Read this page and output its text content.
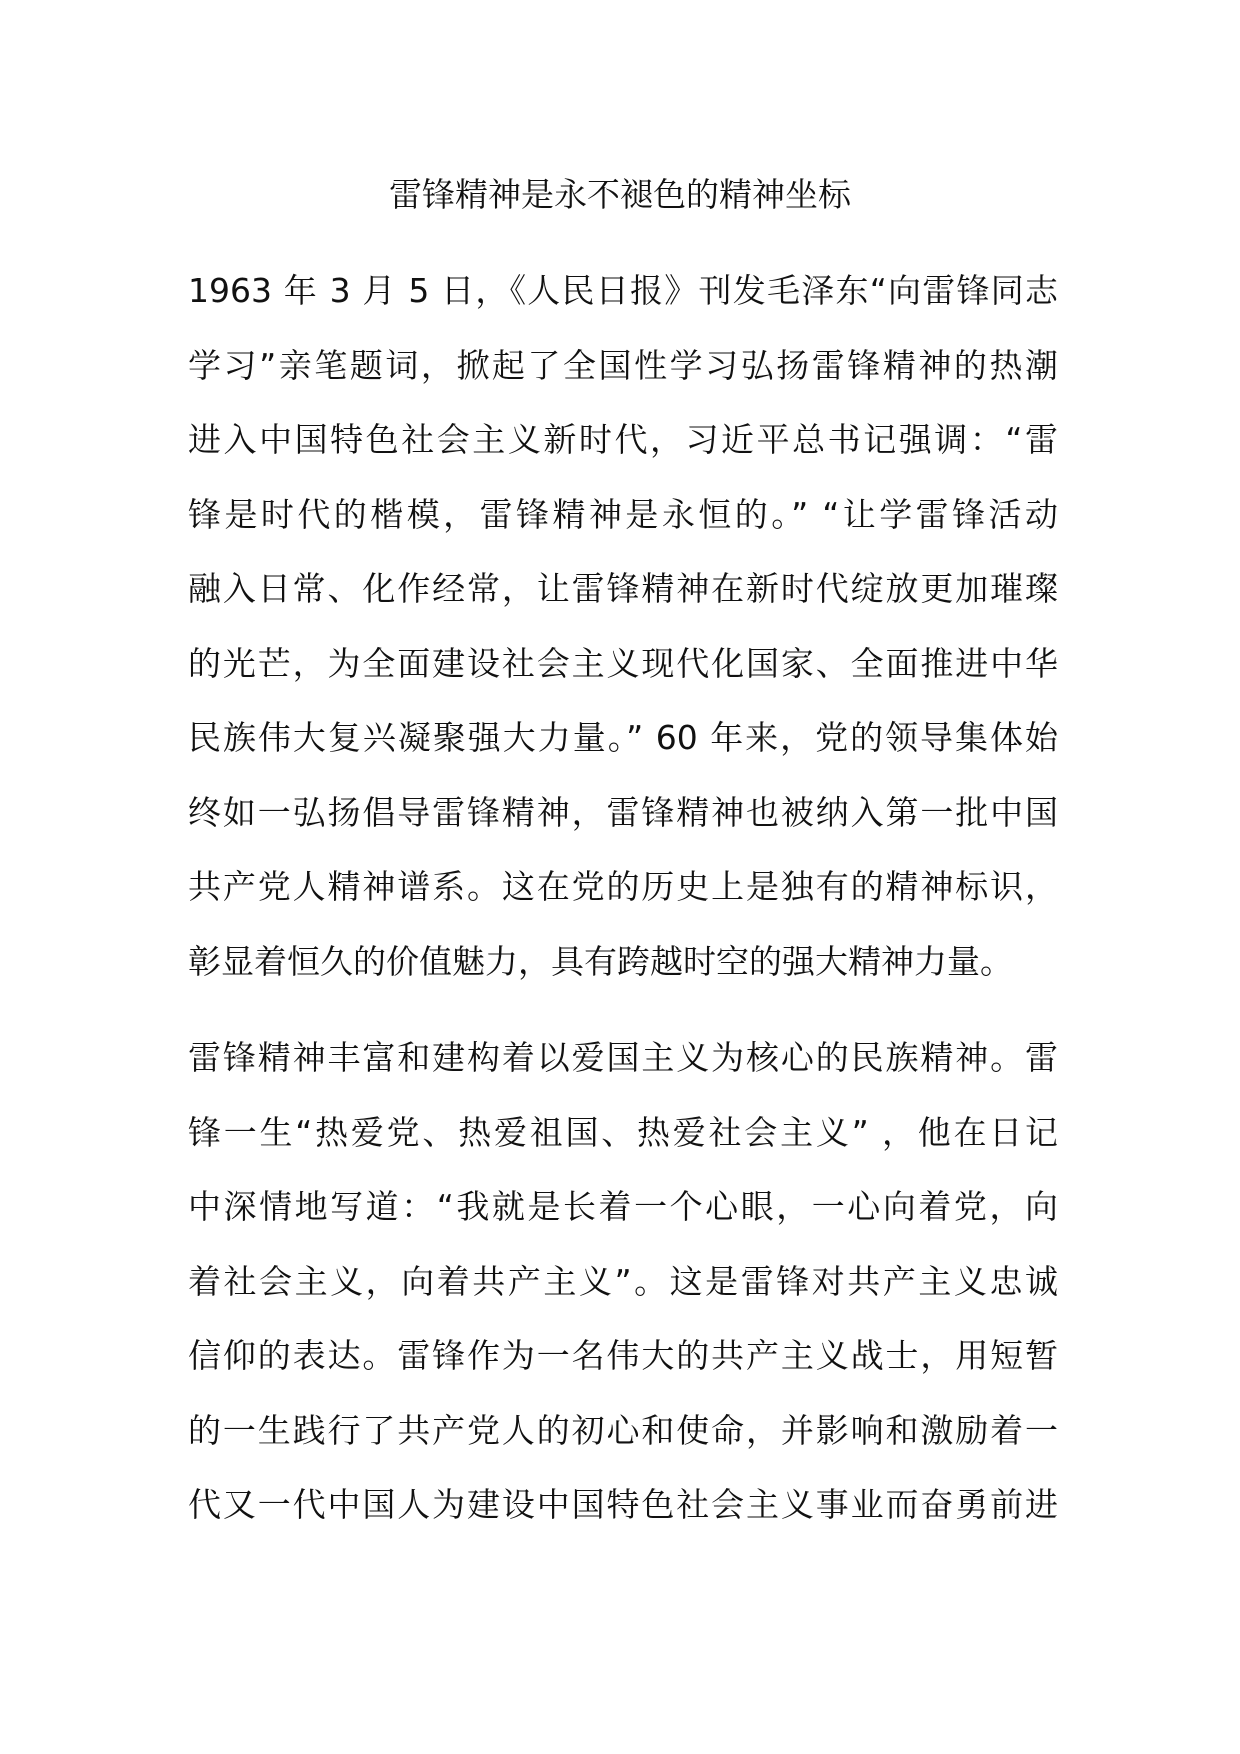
雷锋精神是永不褪色的精神坐标
1963 年 3 月 5 日，《人民日报》刊发毛泽东“向雷锋同志
学习”亲笔题词，掀起了全国性学习弘扬雷锋精神的热潮
进入中国特色社会主义新时代，习近平总书记强调：“雷
锋是时代的楷模，雷锋精神是永恒的。” “让学雷锋活动
融入日常、化作经常，让雷锋精神在新时代绽放更加璀璨
的光芒，为全面建设社会主义现代化国家、全面推进中华
民族伟大复兴凝聚强大力量。” 60 年来，党的领导集体始
终如一弘扬倡导雷锋精神，雷锋精神也被纳入第一批中国
共产党人精神谱系。这在党的历史上是独有的精神标识，
彰显着恒久的价值魅力，具有跨越时空的强大精神力量。
雷锋精神丰富和建构着以爱国主义为核心的民族精神。雷
锋一生“热爱党、热爱祖国、热爱社会主义” ，他在日记
中深情地写道：“我就是长着一个心眼，一心向着党，向
着社会主义，向着共产主义”。这是雷锋对共产主义忠诚
信仰的表达。雷锋作为一名伟大的共产主义战士，用短暂
的一生践行了共产党人的初心和使命，并影响和激励着一
代又一代中国人为建设中国特色社会主义事业而奋勇前进
